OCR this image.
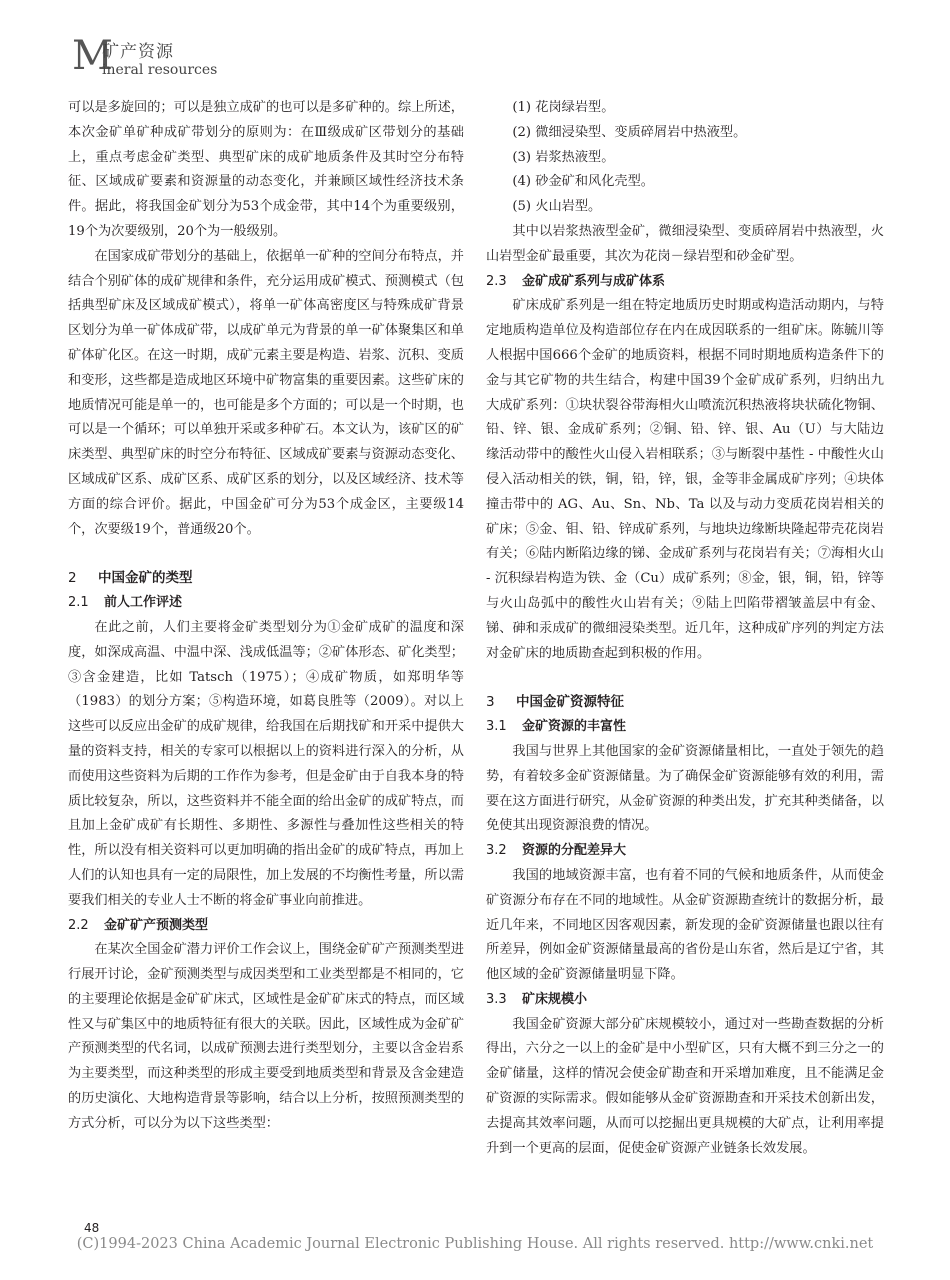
M
矿产资源
ineral resources

可以是多旋回的；可以是独立成矿的也可以是多矿种的。综上所述，本次金矿单矿种成矿带划分的原则为：在Ⅲ级成矿区带划分的基础上，重点考虑金矿类型、典型矿床的成矿地质条件及其时空分布特征、区域成矿要素和资源量的动态变化，并兼顾区域性经济技术条件。据此，将我国金矿划分为53个成金带，其中14个为重要级别，19个为次要级别，20个为一般级别。

在国家成矿带划分的基础上，依据单一矿种的空间分布特点，并结合个别矿体的成矿规律和条件，充分运用成矿模式、预测模式（包括典型矿床及区域成矿模式），将单一矿体高密度区与特殊成矿背景区划分为单一矿体成矿带，以成矿单元为背景的单一矿体聚集区和单矿体矿化区。在这一时期，成矿元素主要是构造、岩浆、沉积、变质和变形，这些都是造成地区环境中矿物富集的重要因素。这些矿床的地质情况可能是单一的，也可能是多个方面的；可以是一个时期，也可以是一个循环；可以单独开采或多种矿石。本文认为，该矿区的矿床类型、典型矿床的时空分布特征、区域成矿要素与资源动态变化、区域成矿区系、成矿区系、成矿区系的划分，以及区域经济、技术等方面的综合评价。据此，中国金矿可分为53个成金区，主要级14个，次要级19个，普通级20个。

2 中国金矿的类型
2.1 前人工作评述

在此之前，人们主要将金矿类型划分为①金矿成矿的温度和深度，如深成高温、中温中深、浅成低温等；②矿体形态、矿化类型；③含金建造，比如 Tatsch（1975）；④成矿物质，如郑明华等（1983）的划分方案；⑤构造环境，如葛良胜等（2009）。对以上这些可以反应出金矿的成矿规律，给我国在后期找矿和开采中提供大量的资料支持，相关的专家可以根据以上的资料进行深入的分析，从而使用这些资料为后期的工作作为参考，但是金矿由于自我本身的特质比较复杂，所以，这些资料并不能全面的给出金矿的成矿特点，而且加上金矿成矿有长期性、多期性、多源性与叠加性这些相关的特性，所以没有相关资料可以更加明确的指出金矿的成矿特点，再加上人们的认知也具有一定的局限性，加上发展的不均衡性考量，所以需要我们相关的专业人士不断的将金矿事业向前推进。

2.2 金矿矿产预测类型

在某次全国金矿潜力评价工作会议上，围绕金矿矿产预测类型进行展开讨论，金矿预测类型与成因类型和工业类型都是不相同的，它的主要理论依据是金矿矿床式，区域性是金矿矿床式的特点，而区域性又与矿集区中的地质特征有很大的关联。因此，区域性成为金矿矿产预测类型的代名词，以成矿预测去进行类型划分，主要以含金岩系为主要类型，而这种类型的形成主要受到地质类型和背景及含金建造的历史演化、大地构造背景等影响，结合以上分析，按照预测类型的方式分析，可以分为以下这些类型：

(1) 花岗绿岩型。

(2) 微细浸染型、变质碎屑岩中热液型。

(3) 岩浆热液型。

(4) 砂金矿和风化壳型。

(5) 火山岩型。

其中以岩浆热液型金矿，微细浸染型、变质碎屑岩中热液型，火山岩型金矿最重要，其次为花岗－绿岩型和砂金矿型。

2.3 金矿成矿系列与成矿体系

矿床成矿系列是一组在特定地质历史时期或构造活动期内，与特定地质构造单位及构造部位存在内在成因联系的一组矿床。陈毓川等人根据中国666个金矿的地质资料，根据不同时期地质构造条件下的金与其它矿物的共生结合，构建中国39个金矿成矿系列，归纳出九大成矿系列：①块状裂谷带海相火山喷流沉积热液将块状硫化物铜、铅、锌、银、金成矿系列；②铜、铅、锌、银、Au（U）与大陆边缘活动带中的酸性火山侵入岩相联系；③与断裂中基性 - 中酸性火山侵入活动相关的铁，铜，铅，锌，银，金等非金属成矿序列；④块体撞击带中的 AG、Au、Sn、Nb、Ta 以及与动力变质花岗岩相关的矿床；⑤金、钼、铅、锌成矿系列，与地块边缘断块隆起带壳花岗岩有关；⑥陆内断陷边缘的锑、金成矿系列与花岗岩有关；⑦海相火山 - 沉积绿岩构造为铁、金（Cu）成矿系列；⑧金，银，铜，铅，锌等与火山岛弧中的酸性火山岩有关；⑨陆上凹陷带褶皱盖层中有金、锑、砷和汞成矿的微细浸染类型。近几年，这种成矿序列的判定方法对金矿床的地质勘查起到积极的作用。

3 中国金矿资源特征
3.1 金矿资源的丰富性

我国与世界上其他国家的金矿资源储量相比，一直处于领先的趋势，有着较多金矿资源储量。为了确保金矿资源能够有效的利用，需要在这方面进行研究，从金矿资源的种类出发，扩充其种类储备，以免使其出现资源浪费的情况。

3.2 资源的分配差异大

我国的地域资源丰富，也有着不同的气候和地质条件，从而使金矿资源分布存在不同的地域性。从金矿资源勘查统计的数据分析，最近几年来，不同地区因客观因素，新发现的金矿资源储量也跟以往有所差异，例如金矿资源储量最高的省份是山东省，然后是辽宁省，其他区域的金矿资源储量明显下降。

3.3 矿床规模小

我国金矿资源大部分矿床规模较小，通过对一些勘查数据的分析得出，六分之一以上的金矿是中小型矿区，只有大概不到三分之一的金矿储量，这样的情况会使金矿勘查和开采增加难度，且不能满足金矿资源的实际需求。假如能够从金矿资源勘查和开采技术创新出发，去提高其效率问题，从而可以挖掘出更具规模的大矿点，让利用率提升到一个更高的层面，促使金矿资源产业链条长效发展。

48
(C)1994-2023 China Academic Journal Electronic Publishing House. All rights reserved. http://www.cnki.net
